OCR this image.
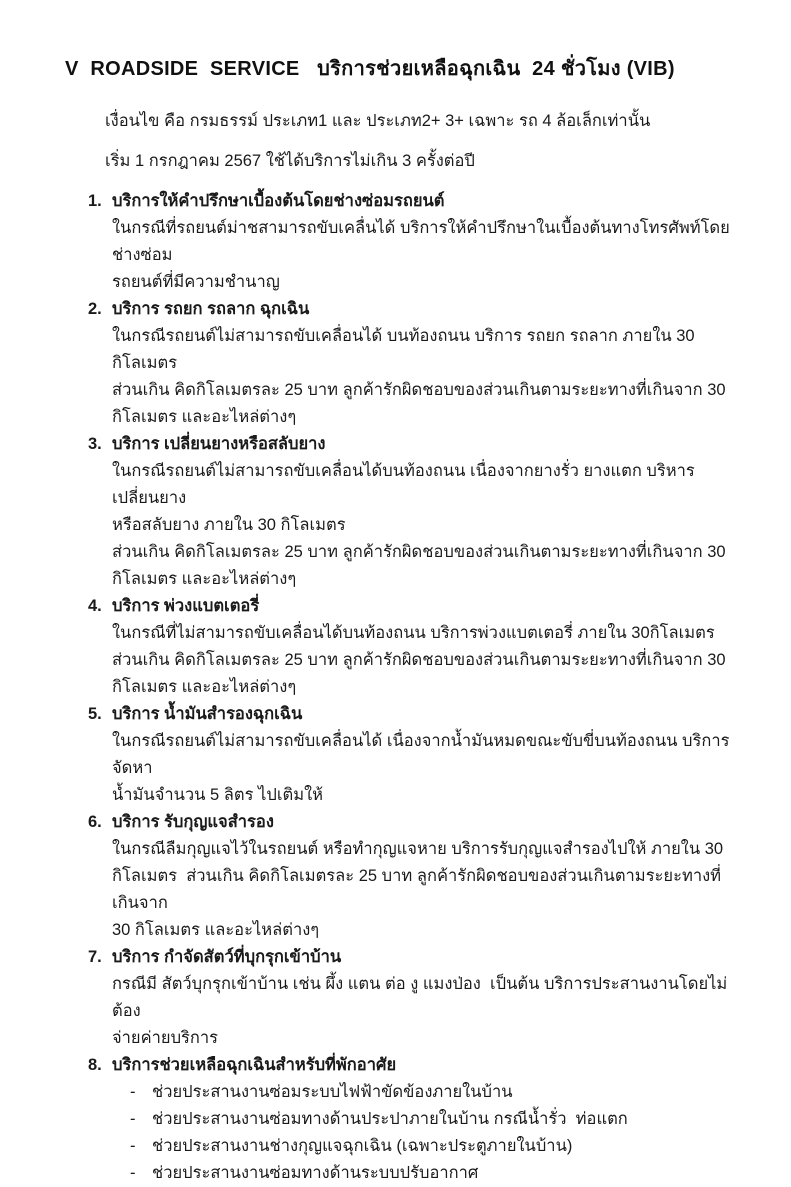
V  ROADSIDE  SERVICE   บริการช่วยเหลือฉุกเฉิน  24 ชั่วโมง (VIB)
เงื่อนไข คือ กรมธรรม์ ประเภท1 และ ประเภท2+ 3+ เฉพาะ รถ 4 ล้อเล็กเท่านั้น
เริ่ม 1 กรกฎาคม 2567 ใช้ได้บริการไม่เกิน 3 ครั้งต่อปี
1. บริการให้คำปรึกษาเบื้องต้นโดยช่างซ่อมรถยนต์
ในกรณีที่รถยนต์ม่าชสามารถขับเคลื่นได้ บริการให้คำปรึกษาในเบื้องต้นทางโทรศัพท์โดยช่างซ่อม
รถยนต์ที่มีความชำนาญ
2. บริการ รถยก รถลาก ฉุกเฉิน
ในกรณีรถยนต์ไม่สามารถขับเคลื่อนได้ บนท้องถนน บริการ รถยก รถลาก ภายใน 30 กิโลเมตร
ส่วนเกิน คิดกิโลเมตรละ 25 บาท ลูกค้ารักผิดชอบของส่วนเกินตามระยะทางที่เกินจาก 30
กิโลเมตร และอะไหล่ต่างๆ
3. บริการ เปลี่ยนยางหรือสลับยาง
ในกรณีรถยนต์ไม่สามารถขับเคลื่อนได้บนท้องถนน เนื่องจากยางรั่ว ยางแตก บริหารเปลี่ยนยาง
หรือสลับยาง ภายใน 30 กิโลเมตร
ส่วนเกิน คิดกิโลเมตรละ 25 บาท ลูกค้ารักผิดชอบของส่วนเกินตามระยะทางที่เกินจาก 30
กิโลเมตร และอะไหล่ต่างๆ
4. บริการ พ่วงแบตเตอรี่
ในกรณีที่ไม่สามารถขับเคลื่อนได้บนท้องถนน บริการพ่วงแบตเตอรี่ ภายใน 30กิโลเมตร
ส่วนเกิน คิดกิโลเมตรละ 25 บาท ลูกค้ารักผิดชอบของส่วนเกินตามระยะทางที่เกินจาก 30
กิโลเมตร และอะไหล่ต่างๆ
5. บริการ น้ำมันสำรองฉุกเฉิน
ในกรณีรถยนต์ไม่สามารถขับเคลื่อนได้ เนื่องจากน้ำมันหมดขณะขับขี่บนท้องถนน บริการจัดหา
น้ำมันจำนวน 5 ลิตร ไปเติมให้
6. บริการ รับกุญแจสำรอง
ในกรณีลืมกุญแจไว้ในรถยนต์ หรือทำกุญแจหาย บริการรับกุญแจสำรองไปให้ ภายใน 30
กิโลเมตร  ส่วนเกิน คิดกิโลเมตรละ 25 บาท ลูกค้ารักผิดชอบของส่วนเกินตามระยะทางที่เกินจาก
30 กิโลเมตร และอะไหล่ต่างๆ
7. บริการ กำจัดสัตว์ที่บุกรุกเข้าบ้าน
กรณีมี สัตว์บุกรุกเข้าบ้าน เช่น ผึ้ง แตน ต่อ งู แมงป่อง  เป็นต้น บริการประสานงานโดยไม่ต้อง
จ่ายค่ายบริการ
8. บริการช่วยเหลือฉุกเฉินสำหรับที่พักอาศัย
-	ช่วยประสานงานซ่อมระบบไฟฟ้าขัดข้องภายในบ้าน
-	ช่วยประสานงานซ่อมทางด้านประปาภายในบ้าน กรณีน้ำรั่ว  ท่อแตก
-	ช่วยประสานงานช่างกุญแจฉุกเฉิน (เฉพาะประตูภายในบ้าน)
-	ช่วยประสานงานซ่อมทางด้านระบบปรับอากาศ
